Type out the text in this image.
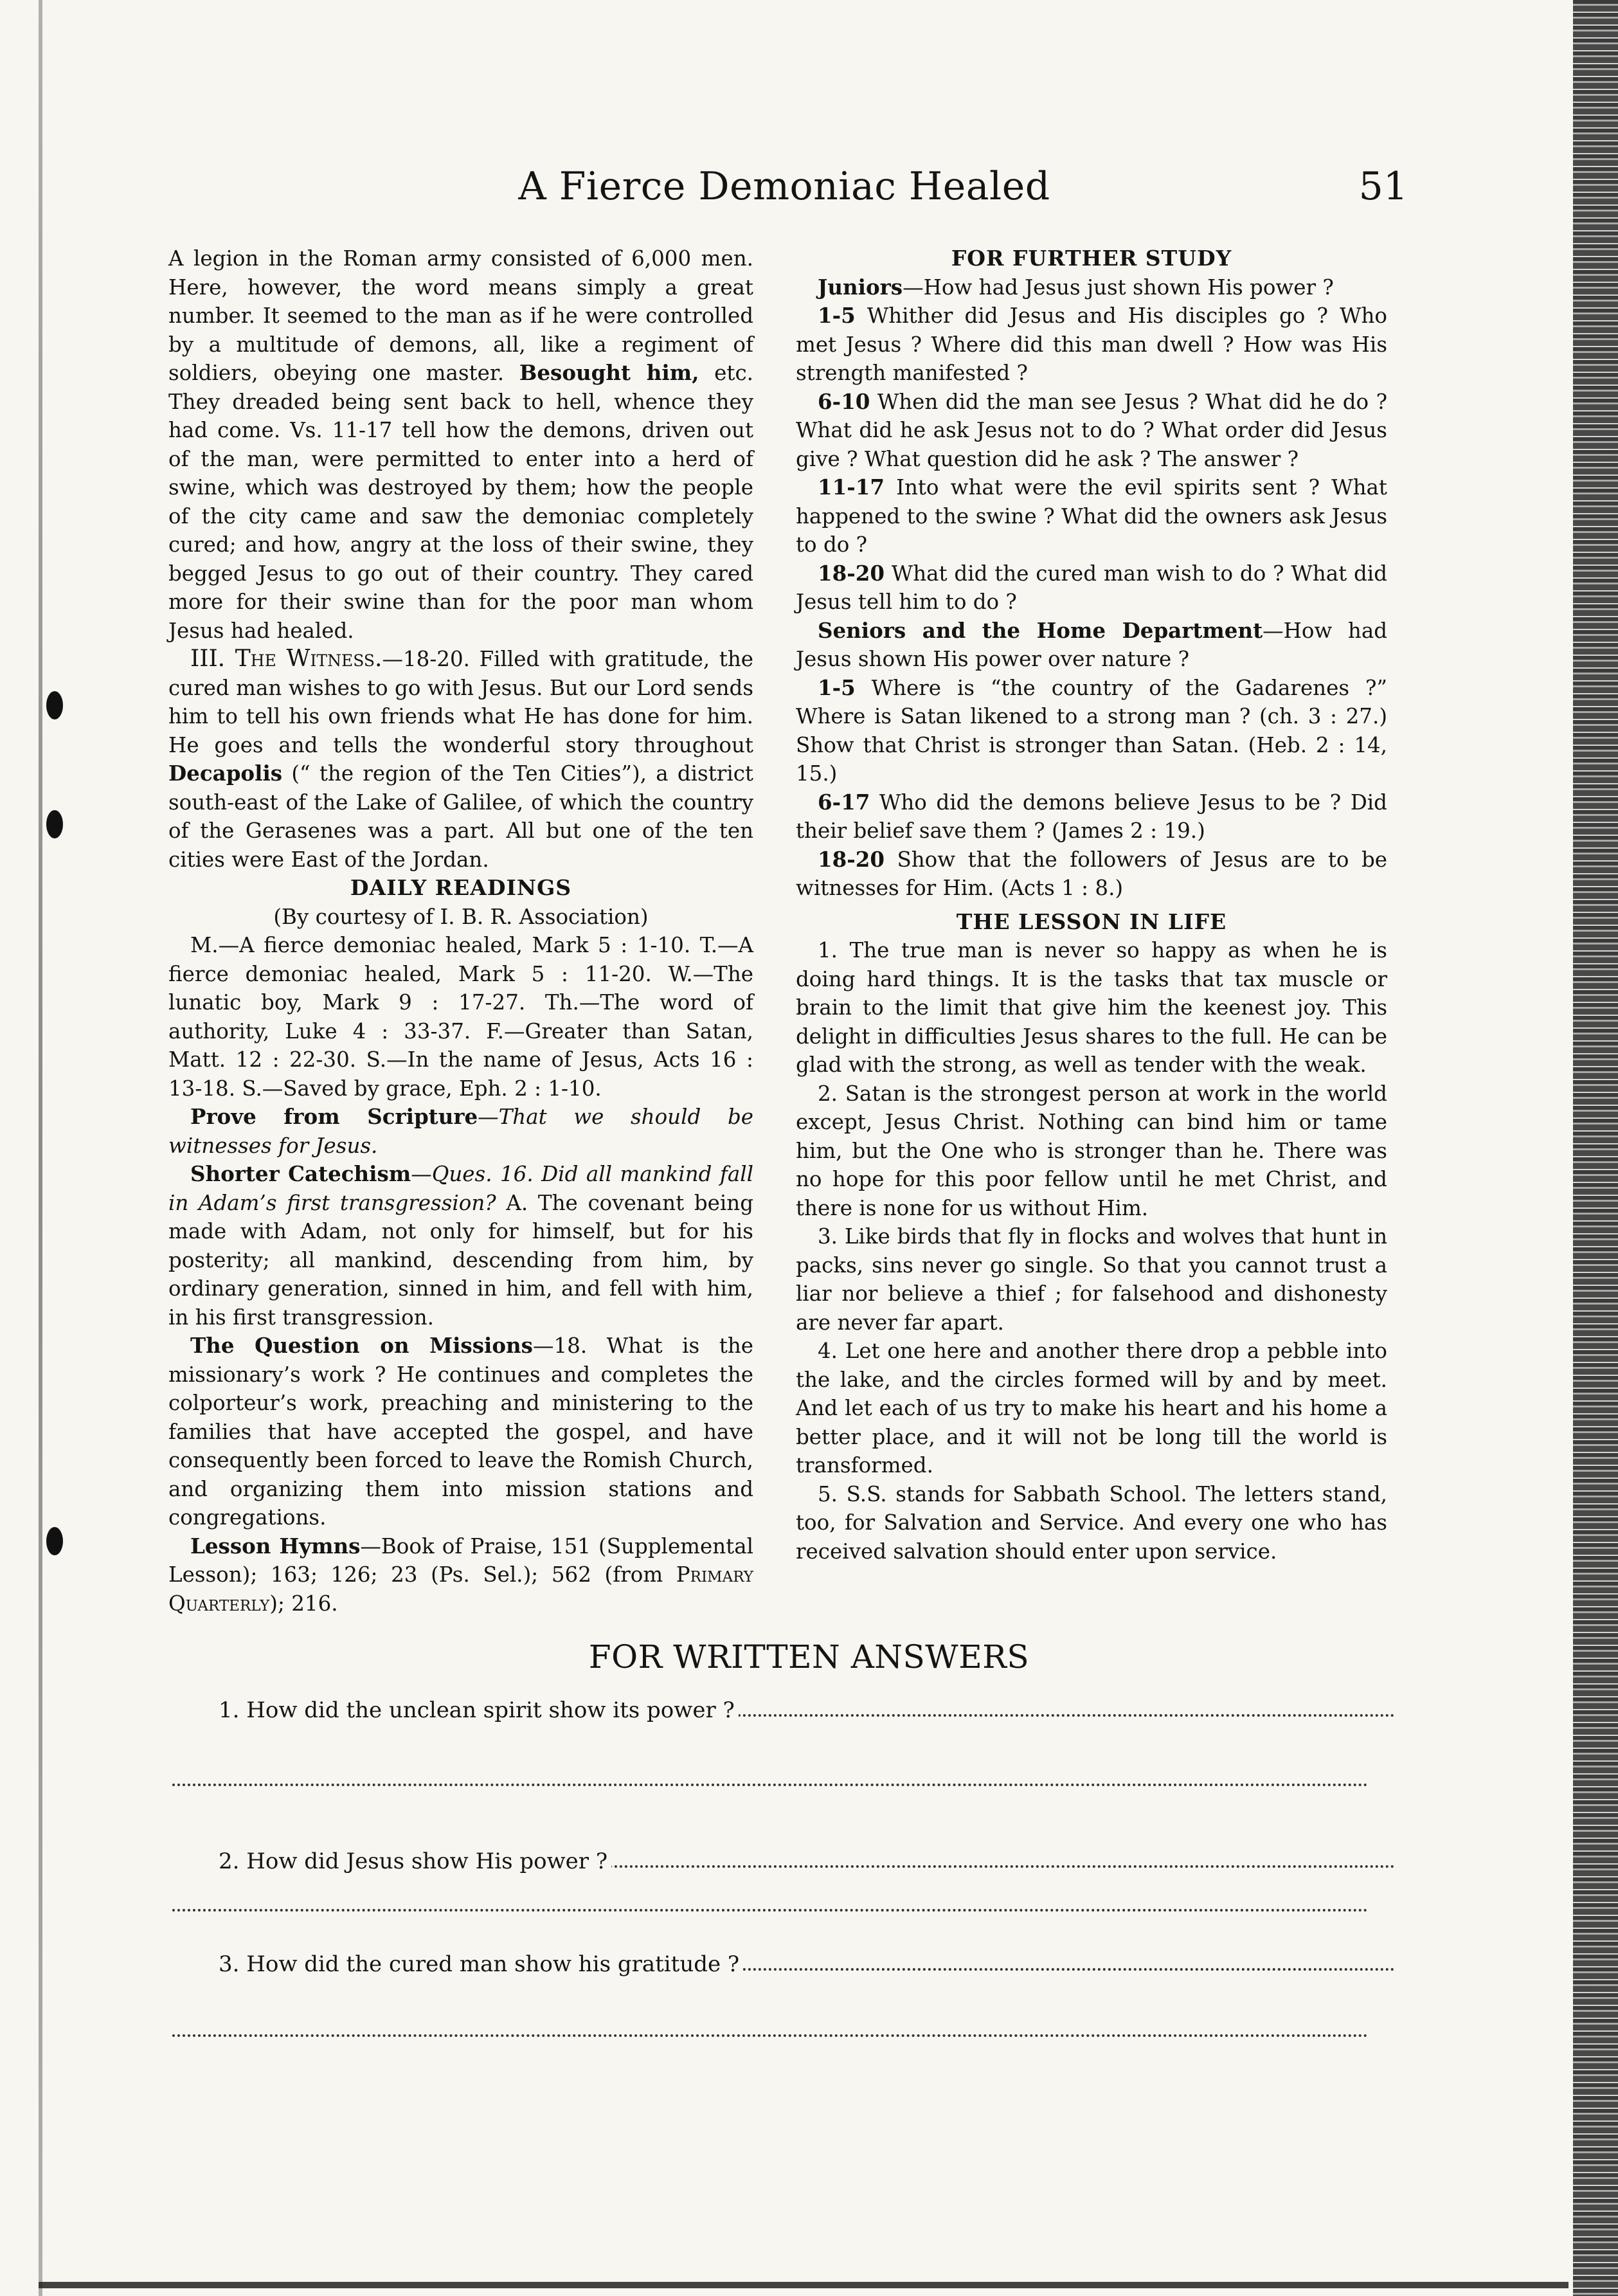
A Fierce Demoniac Healed	51

A legion in the Roman army consisted of 6,000 men. Here, however, the word means simply a great number. It seemed to the man as if he were controlled by a multitude of demons, all, like a regiment of soldiers, obeying one master. Besought him, etc. They dreaded being sent back to hell, whence they had come. Vs. 11-17 tell how the demons, driven out of the man, were permitted to enter into a herd of swine, which was destroyed by them; how the people of the city came and saw the demoniac completely cured; and how, angry at the loss of their swine, they begged Jesus to go out of their country. They cared more for their swine than for the poor man whom Jesus had healed.

III. The Witness.—18-20. Filled with gratitude, the cured man wishes to go with Jesus. But our Lord sends him to tell his own friends what He has done for him. He goes and tells the wonderful story throughout Decapolis (“ the region of the Ten Cities”), a district south-east of the Lake of Galilee, of which the country of the Gerasenes was a part. All but one of the ten cities were East of the Jordan.

DAILY READINGS

(By courtesy of I. B. R. Association)

M.—A fierce demoniac healed, Mark 5 : 1-10. T.—A fierce demoniac healed, Mark 5 : 11-20. W.—The lunatic boy, Mark 9 : 17-27. Th.—The word of authority, Luke 4 : 33-37. F.—Greater than Satan, Matt. 12 : 22-30. S.—In the name of Jesus, Acts 16 : 13-18. S.—Saved by grace, Eph. 2 : 1-10.

Prove from Scripture—That we should be witnesses for Jesus.

Shorter Catechism—Ques. 16. Did all mankind fall in Adam’s first transgression? A. The covenant being made with Adam, not only for himself, but for his posterity; all mankind, descending from him, by ordinary generation, sinned in him, and fell with him, in his first transgression.

The Question on Missions—18. What is the missionary’s work ? He continues and completes the colporteur’s work, preaching and ministering to the families that have accepted the gospel, and have consequently been forced to leave the Romish Church, and organizing them into mission stations and congregations.

Lesson Hymns—Book of Praise, 151 (Supplemental Lesson); 163; 126; 23 (Ps. Sel.); 562 (from Primary Quarterly); 216.

FOR FURTHER STUDY

Juniors—How had Jesus just shown His power ?

1-5 Whither did Jesus and His disciples go ? Who met Jesus ? Where did this man dwell ? How was His strength manifested ?

6-10 When did the man see Jesus ? What did he do ? What did he ask Jesus not to do ? What order did Jesus give ? What question did he ask ? The answer ?

11-17 Into what were the evil spirits sent ? What happened to the swine ? What did the owners ask Jesus to do ?

18-20 What did the cured man wish to do ? What did Jesus tell him to do ?

Seniors and the Home Department—How had Jesus shown His power over nature ?

1-5 Where is “the country of the Gadarenes ?” Where is Satan likened to a strong man ? (ch. 3 : 27.) Show that Christ is stronger than Satan. (Heb. 2 : 14, 15.)

6-17 Who did the demons believe Jesus to be ? Did their belief save them ? (James 2 : 19.)

18-20 Show that the followers of Jesus are to be witnesses for Him. (Acts 1 : 8.)

THE LESSON IN LIFE

1. The true man is never so happy as when he is doing hard things. It is the tasks that tax muscle or brain to the limit that give him the keenest joy. This delight in difficulties Jesus shares to the full. He can be glad with the strong, as well as tender with the weak.

2. Satan is the strongest person at work in the world except, Jesus Christ. Nothing can bind him or tame him, but the One who is stronger than he. There was no hope for this poor fellow until he met Christ, and there is none for us without Him.

3. Like birds that fly in flocks and wolves that hunt in packs, sins never go single. So that you cannot trust a liar nor believe a thief ; for falsehood and dishonesty are never far apart.

4. Let one here and another there drop a pebble into the lake, and the circles formed will by and by meet. And let each of us try to make his heart and his home a better place, and it will not be long till the world is transformed.

5. S.S. stands for Sabbath School. The letters stand, too, for Salvation and Service. And every one who has received salvation should enter upon service.

FOR WRITTEN ANSWERS
1. How did the unclean spirit show its power ?
2. How did Jesus show His power ?
3. How did the cured man show his gratitude ?
